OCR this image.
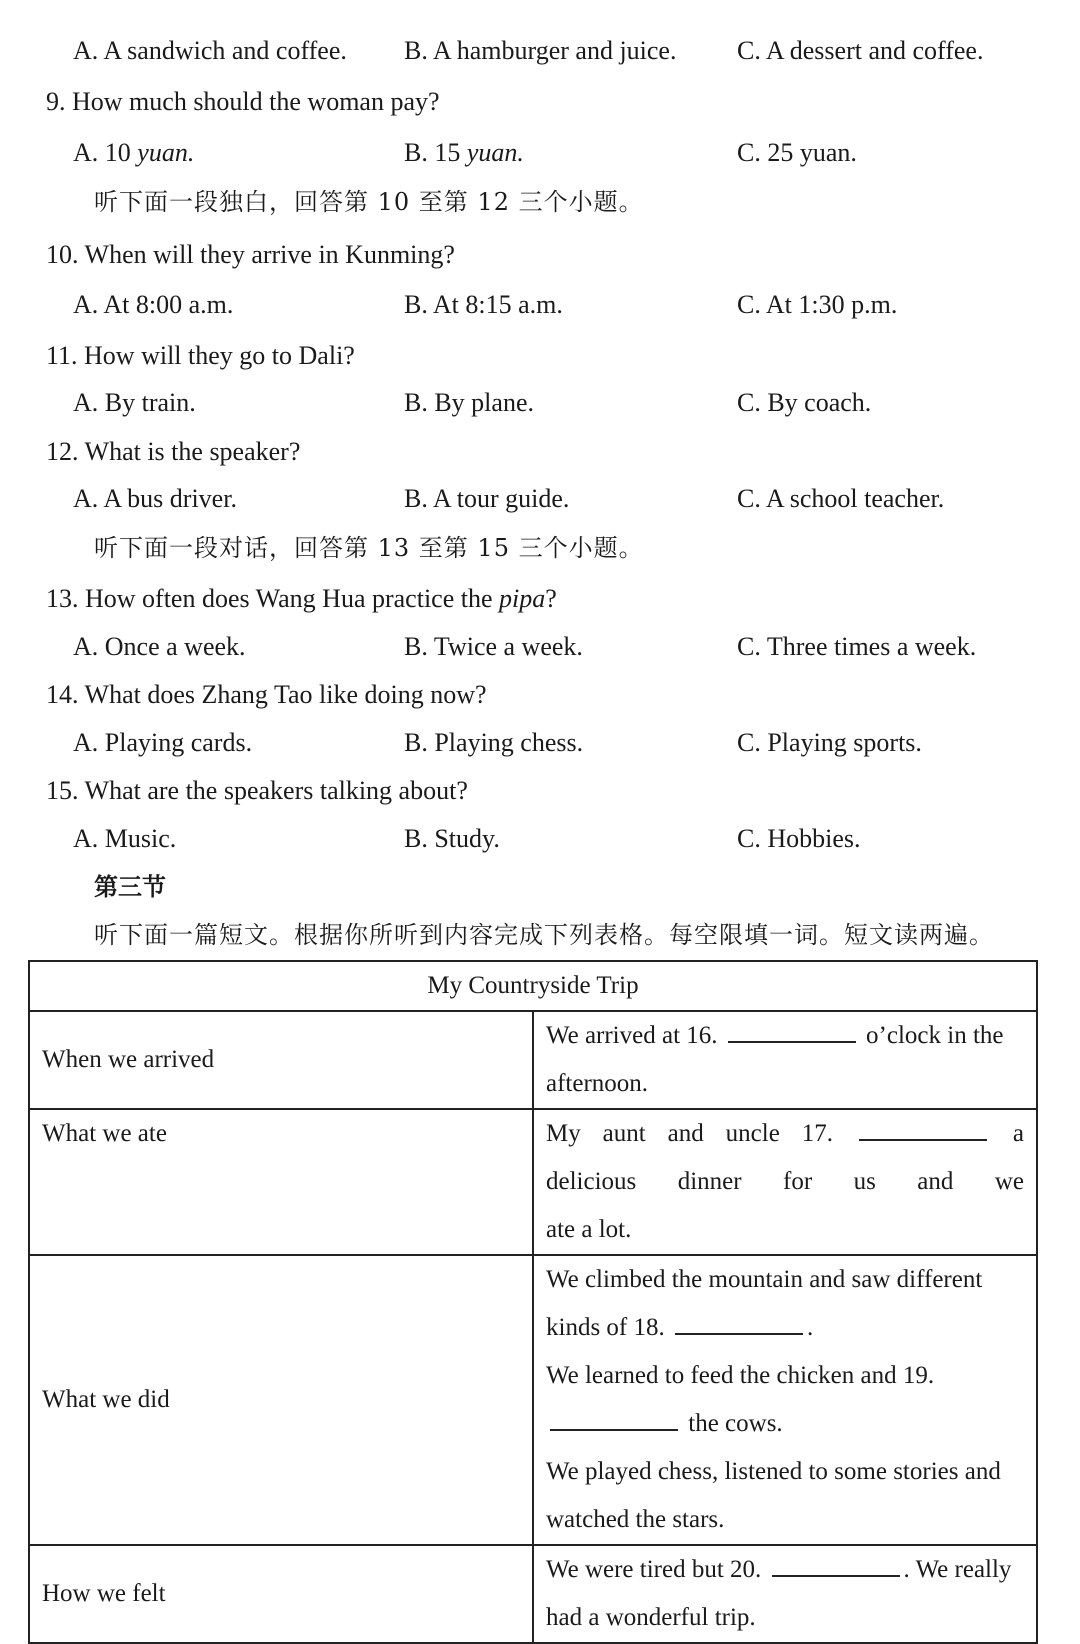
A. A sandwich and coffee. B. A hamburger and juice. C. A dessert and coffee.
9. How much should the woman pay?
A. 10 yuan.	B. 15 yuan.	C. 25 yuan.
听下面一段独白，回答第 10 至第 12 三个小题。
10. When will they arrive in Kunming?
A. At 8:00 a.m.	B. At 8:15 a.m.	C. At 1:30 p.m.
11. How will they go to Dali?
A. By train.	B. By plane.	C. By coach.
12. What is the speaker?
A. A bus driver.	B. A tour guide.	C. A school teacher.
听下面一段对话，回答第 13 至第 15 三个小题。
13. How often does Wang Hua practice the pipa?
A. Once a week.	B. Twice a week.	C. Three times a week.
14. What does Zhang Tao like doing now?
A. Playing cards.	B. Playing chess.	C. Playing sports.
15. What are the speakers talking about?
A. Music.	B. Study.	C. Hobbies.
第三节
听下面一篇短文。根据你所听到内容完成下列表格。每空限填一词。短文读两遍。
My Countryside Trip	
When we arrived	We arrived at 16. o’clock in the afternoon.
What we ate	My aunt and uncle 17. a delicious dinner for us and we
ate a lot.

What we did	We climbed the mountain and saw different kinds of 18. .
We learned to feed the chicken and 19.  the cows.
We played chess, listened to some stories and watched the stars.

How we felt	We were tired but 20. . We really had a wonderful trip.
